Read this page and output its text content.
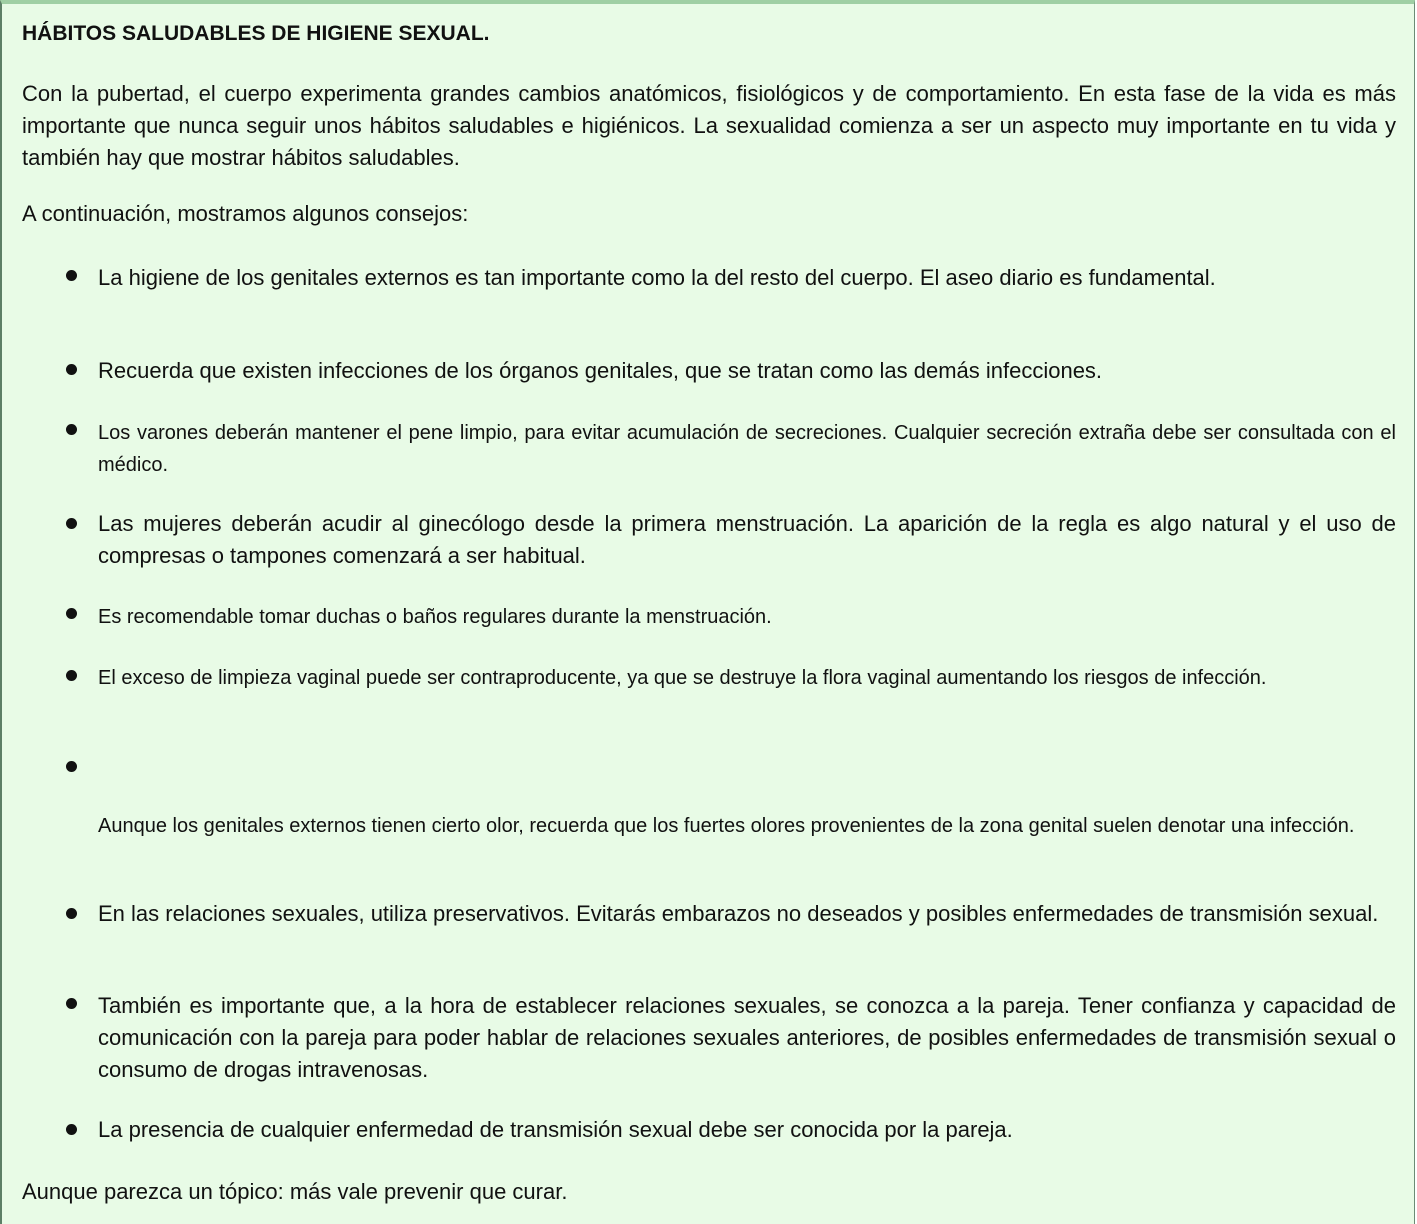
HÁBITOS SALUDABLES DE HIGIENE SEXUAL.

Con la pubertad, el cuerpo experimenta grandes cambios anatómicos, fisiológicos y de comportamiento. En esta fase de la vida es más importante que nunca seguir unos hábitos saludables e higiénicos. La sexualidad comienza a ser un aspecto muy importante en tu vida y también hay que mostrar hábitos saludables.

A continuación, mostramos algunos consejos:

La higiene de los genitales externos es tan importante como la del resto del cuerpo. El aseo diario es fundamental.

Recuerda que existen infecciones de los órganos genitales, que se tratan como las demás infecciones.

Los varones deberán mantener el pene limpio, para evitar acumulación de secreciones. Cualquier secreción extraña debe ser consultada con el médico.

Las mujeres deberán acudir al ginecólogo desde la primera menstruación. La aparición de la regla es algo natural y el uso de compresas o tampones comenzará a ser habitual.

Es recomendable tomar duchas o baños regulares durante la menstruación.

El exceso de limpieza vaginal puede ser contraproducente, ya que se destruye la flora vaginal aumentando los riesgos de infección.

Aunque los genitales externos tienen cierto olor, recuerda que los fuertes olores provenientes de la zona genital suelen denotar una infección.

En las relaciones sexuales, utiliza preservativos. Evitarás embarazos no deseados y posibles enfermedades de transmisión sexual.

También es importante que, a la hora de establecer relaciones sexuales, se conozca a la pareja. Tener confianza y capacidad de comunicación con la pareja para poder hablar de relaciones sexuales anteriores, de posibles enfermedades de transmisión sexual o consumo de drogas intravenosas.

La presencia de cualquier enfermedad de transmisión sexual debe ser conocida por la pareja.

Aunque parezca un tópico: más vale prevenir que curar.
